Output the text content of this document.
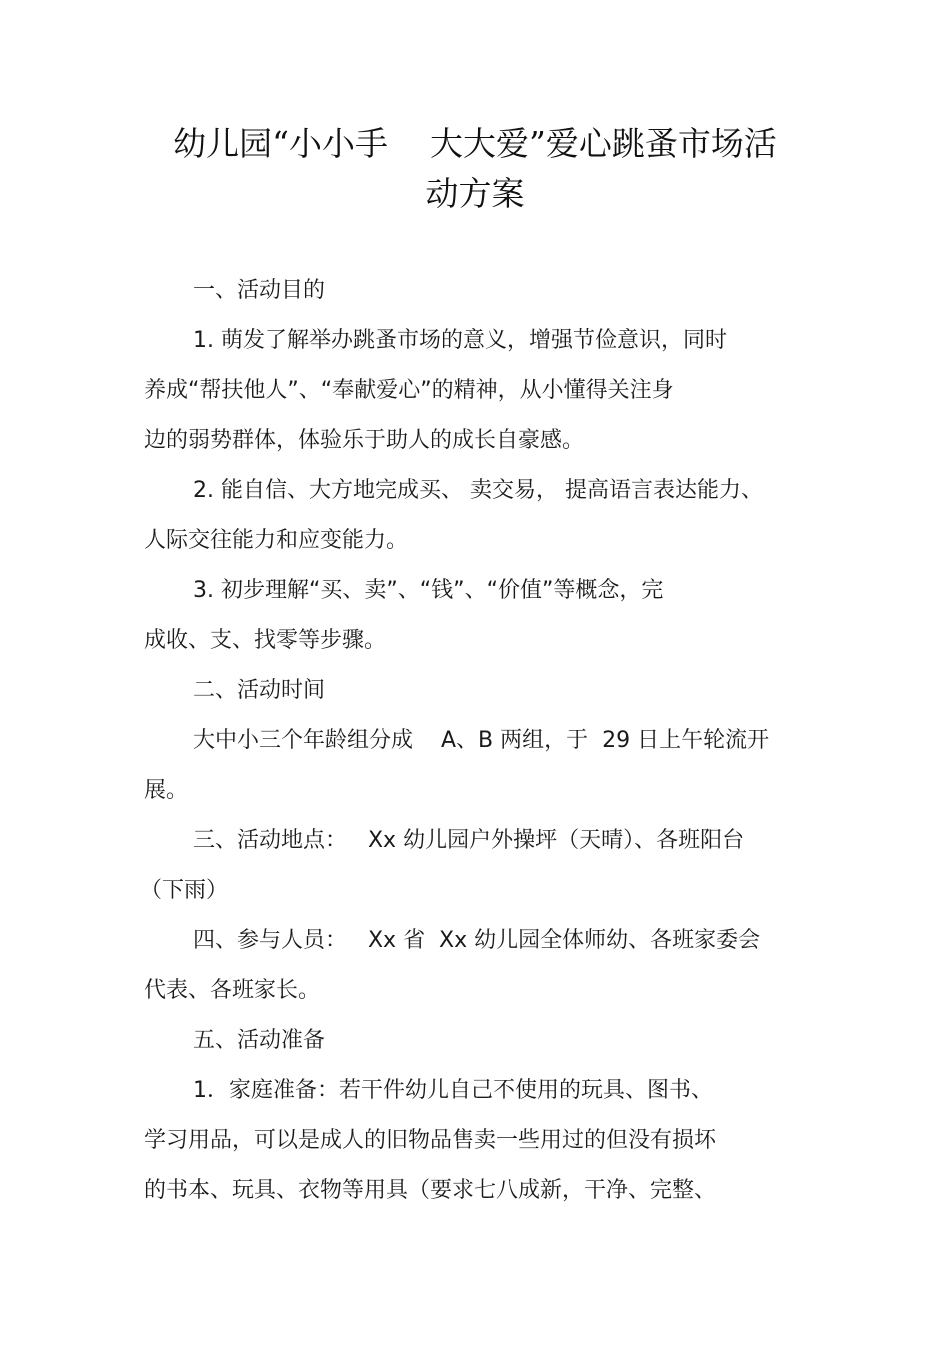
幼儿园“小小手    大大爱”爱心跳蚤市场活
动方案
一、活动目的
1. 萌发了解举办跳蚤市场的意义，增强节俭意识，同时
养成“帮扶他人”、“奉献爱心”的精神，从小懂得关注身
边的弱势群体，体验乐于助人的成长自豪感。
2. 能自信、大方地完成买、 卖交易， 提高语言表达能力、
人际交往能力和应变能力。
3. 初步理解“买、卖”、“钱”、“价值”等概念，完
成收、支、找零等步骤。
二、活动时间
大中小三个年龄组分成    A、B 两组，于  29 日上午轮流开
展。
三、活动地点：   Xx 幼儿园户外操坪（天晴）、各班阳台
（下雨）
四、参与人员：   Xx 省  Xx 幼儿园全体师幼、各班家委会
代表、各班家长。
五、活动准备
1．家庭准备：若干件幼儿自己不使用的玩具、图书、
学习用品，可以是成人的旧物品售卖一些用过的但没有损坏
的书本、玩具、衣物等用具（要求七八成新，干净、完整、
